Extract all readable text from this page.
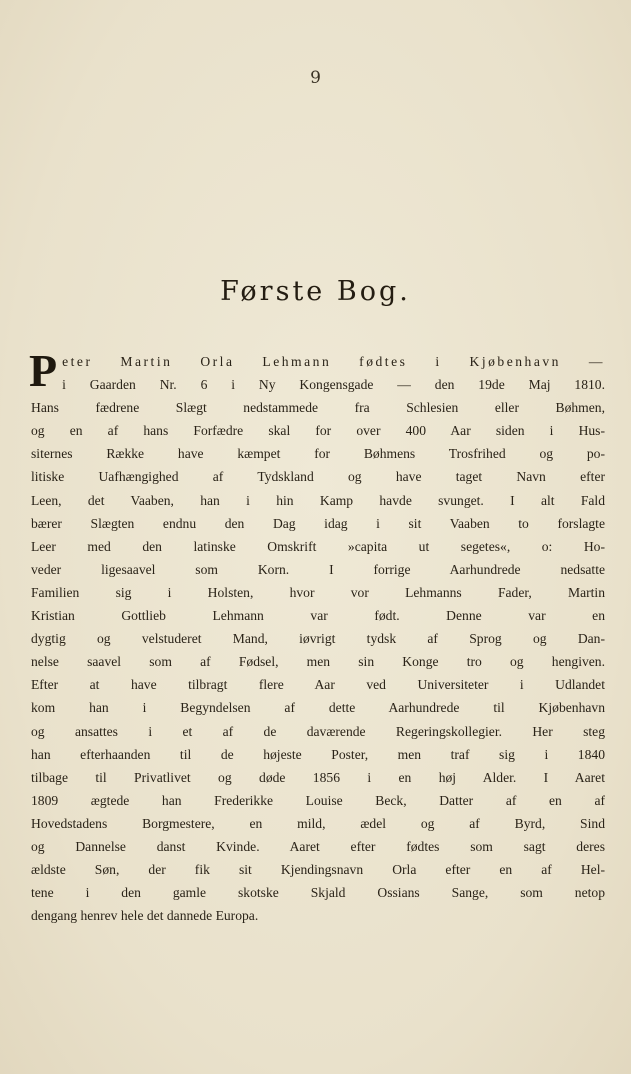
9
Første Bog.
P eter Martin Orla Lehmann fødtes i Kjøbenhavn —
i Gaarden Nr. 6 i Ny Kongensgade — den 19de Maj 1810.
Hans fædrene Slægt nedstammede fra Schlesien eller Bøhmen,
og en af hans Forfædre skal for over 400 Aar siden i Hus-
siternes Række have kæmpet for Bøhmens Trosfrihed og po-
litiske Uafhængighed af Tydskland og have taget Navn efter
Leen, det Vaaben, han i hin Kamp havde svunget. I alt Fald
bærer Slægten endnu den Dag idag i sit Vaaben to forslagte
Leer med den latinske Omskrift »capita ut segetes«, o: Ho-
veder ligesaavel som Korn. I forrige Aarhundrede nedsatte
Familien sig i Holsten, hvor vor Lehmanns Fader, Martin
Kristian Gottlieb Lehmann var født. Denne var en
dygtig og velstuderet Mand, iøvrigt tydsk af Sprog og Dan-
nelse saavel som af Fødsel, men sin Konge tro og hengiven.
Efter at have tilbragt flere Aar ved Universiteter i Udlandet
kom han i Begyndelsen af dette Aarhundrede til Kjøbenhavn
og ansattes i et af de daværende Regeringskollegier. Her steg
han efterhaanden til de højeste Poster, men traf sig i 1840
tilbage til Privatlivet og døde 1856 i en høj Alder. I Aaret
1809 ægtede han Frederikke Louise Beck, Datter af en af
Hovedstadens Borgmestere, en mild, ædel og af Byrd, Sind
og Dannelse danst Kvinde. Aaret efter fødtes som sagt deres
ældste Søn, der fik sit Kjendingsnavn Orla efter en af Hel-
tene i den gamle skotske Skjald Ossians Sange, som netop
dengang henrev hele det dannede Europa.
